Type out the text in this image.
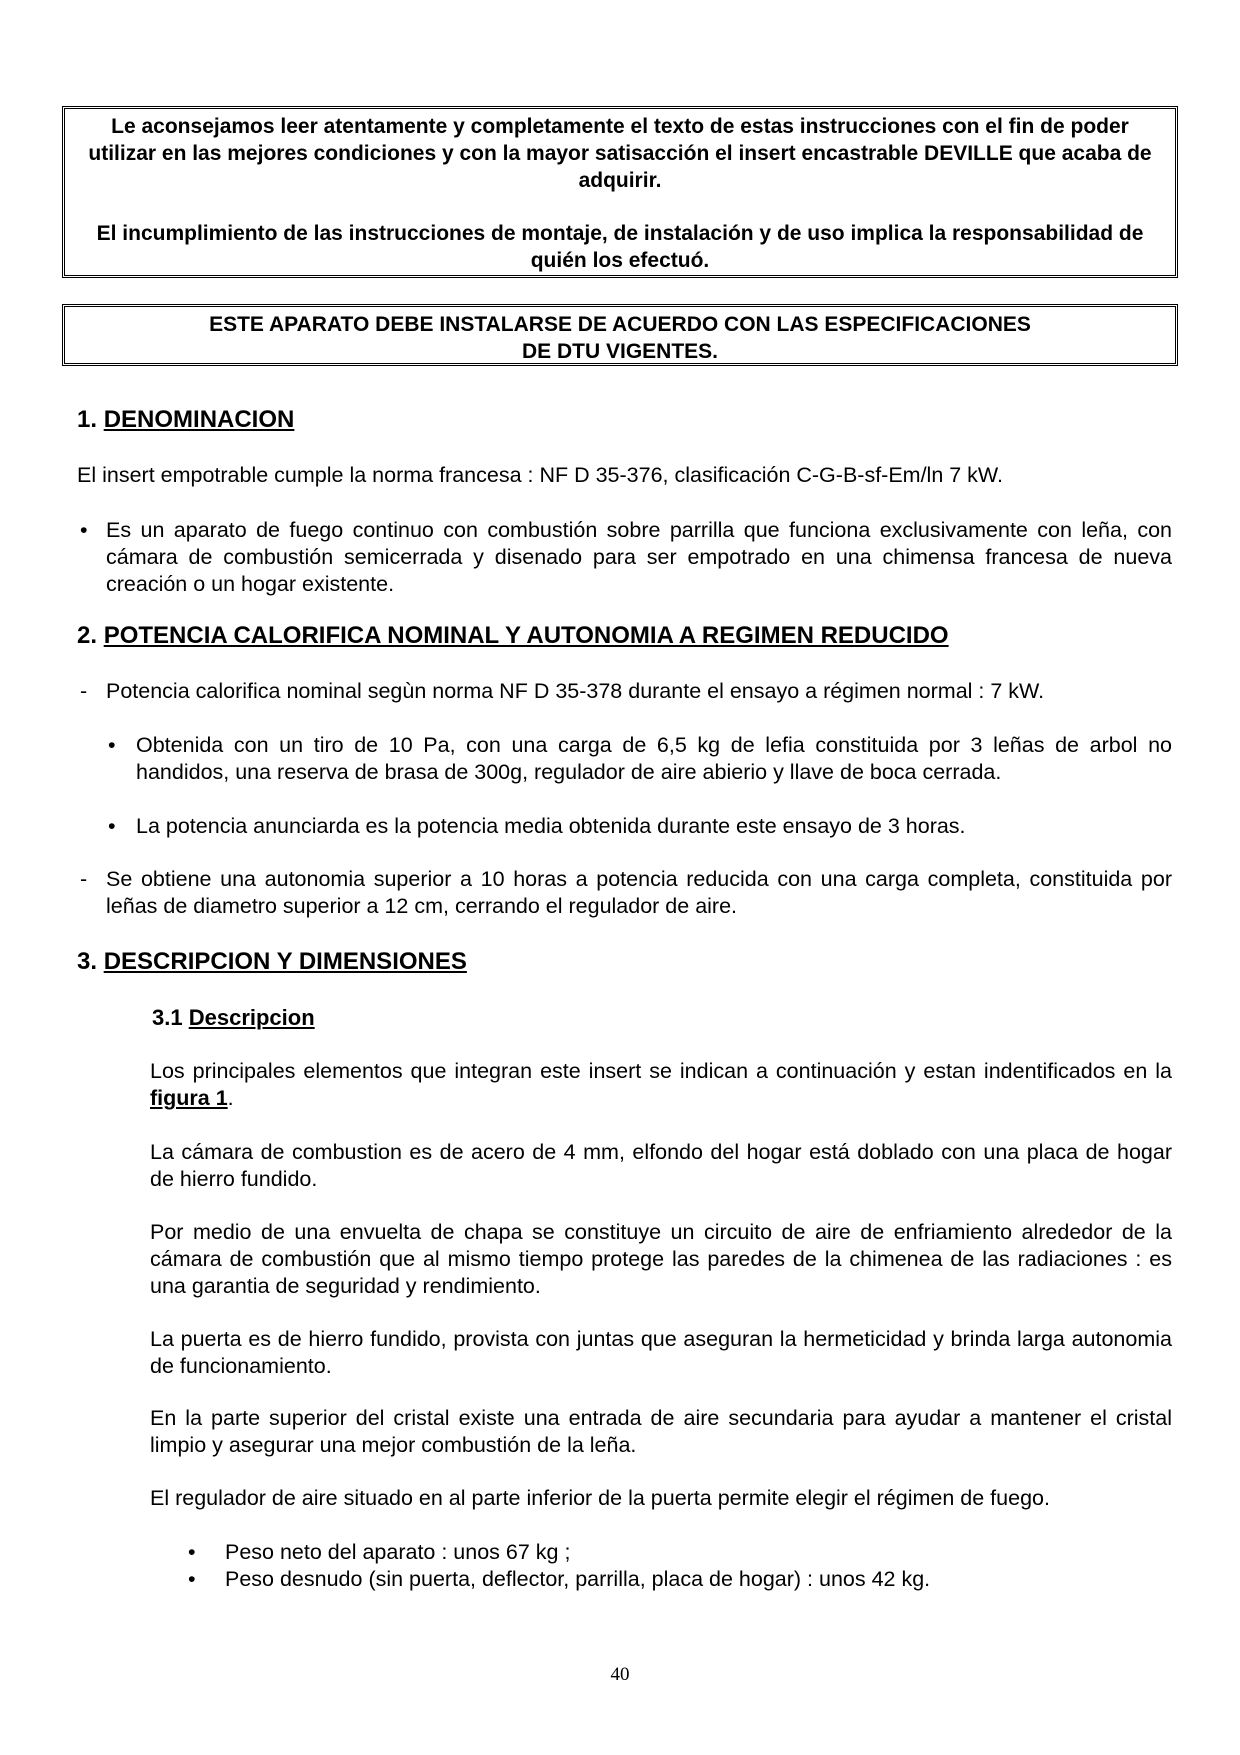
Le aconsejamos leer atentamente y completamente el texto de estas instrucciones con el fin de poder utilizar en las mejores condiciones y con la mayor satisacción el insert encastrable DEVILLE que acaba de adquirir.

El incumplimiento de las instrucciones de montaje, de instalación y de uso implica la responsabilidad de quién los efectuó.

ESTE APARATO DEBE INSTALARSE DE ACUERDO CON LAS ESPECIFICACIONES

DE DTU VIGENTES.

1. DENOMINACION

El insert empotrable cumple la norma francesa : NF D 35-376, clasificación C-G-B-sf-Em/ln 7 kW.

• Es un aparato de fuego continuo con combustión sobre parrilla que funciona exclusivamente con leña, con cámara de combustión semicerrada y disenado para ser empotrado en una chimensa francesa de nueva creación o un hogar existente.

2. POTENCIA CALORIFICA NOMINAL Y AUTONOMIA A REGIMEN REDUCIDO
- Potencia calorifica nominal segùn norma NF D 35-378 durante el ensayo a régimen normal : 7 kW.

• Obtenida con un tiro de 10 Pa, con una carga de 6,5 kg de lefia constituida por 3 leñas de arbol no handidos, una reserva de brasa de 300g, regulador de aire abierio y llave de boca cerrada.

• La potencia anunciarda es la potencia media obtenida durante este ensayo de 3 horas.

- Se obtiene una autonomia superior a 10 horas a potencia reducida con una carga completa, constituida por leñas de diametro superior a 12 cm, cerrando el regulador de aire.

3. DESCRIPCION Y DIMENSIONES
3.1 Descripcion

Los principales elementos que integran este insert se indican a continuación y estan indentificados en la figura 1.

La cámara de combustion es de acero de 4 mm, elfondo del hogar está doblado con una placa de hogar de hierro fundido.

Por medio de una envuelta de chapa se constituye un circuito de aire de enfriamiento alrededor de la cámara de combustión que al mismo tiempo protege las paredes de la chimenea de las radiaciones : es una garantia de seguridad y rendimiento.

La puerta es de hierro fundido, provista con juntas que aseguran la hermeticidad y brinda larga autonomia de funcionamiento.

En la parte superior del cristal existe una entrada de aire secundaria para ayudar a mantener el cristal limpio y asegurar una mejor combustión de la leña.

El regulador de aire situado en al parte inferior de la puerta permite elegir el régimen de fuego.

• Peso neto del aparato : unos 67 kg ;

• Peso desnudo (sin puerta, deflector, parrilla, placa de hogar) : unos 42 kg.

40
